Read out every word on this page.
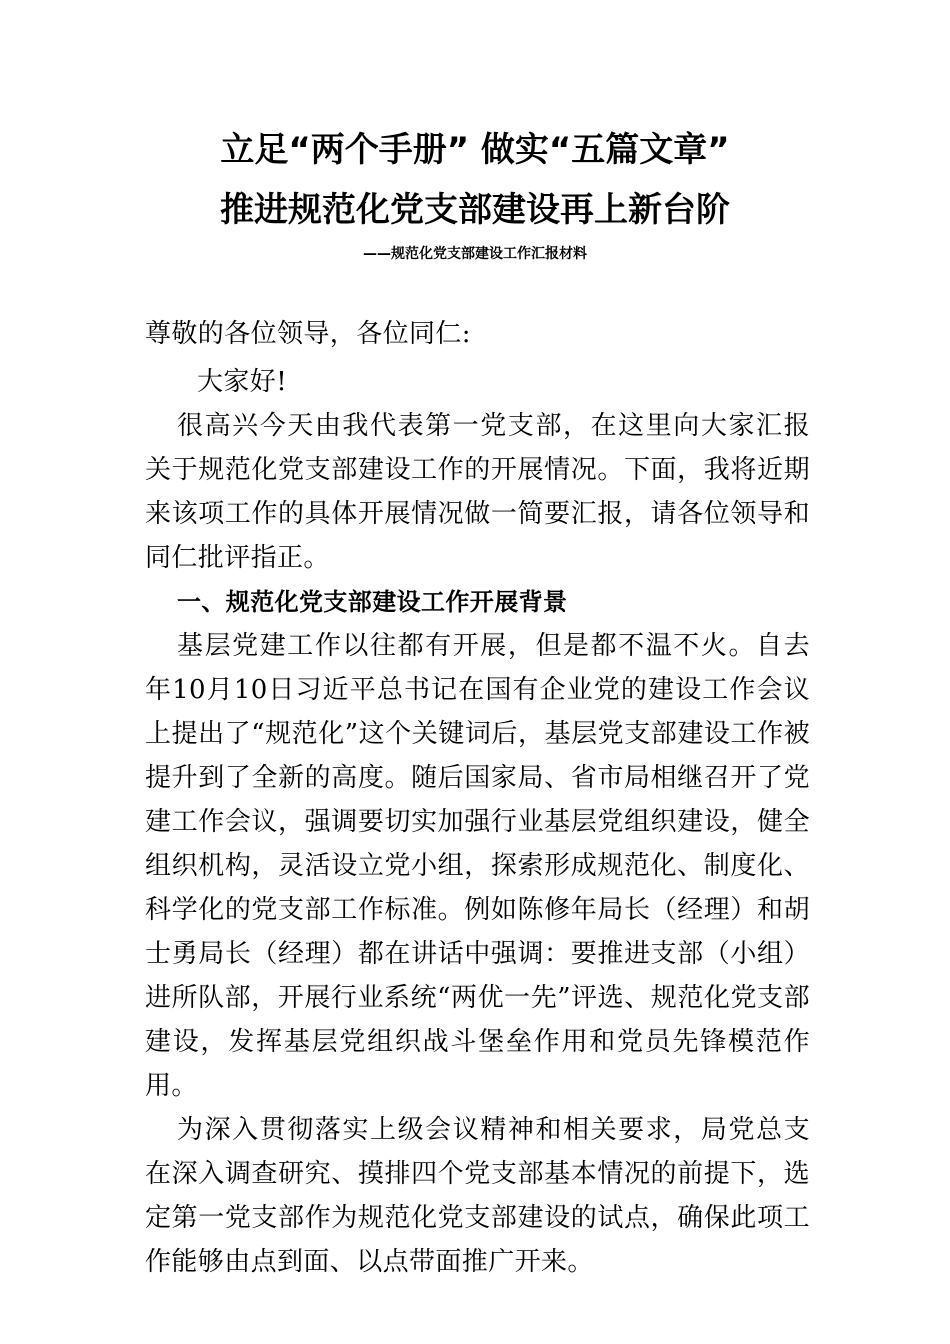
立足“两个手册” 做实“五篇文章”
推进规范化党支部建设再上新台阶
——规范化党支部建设工作汇报材料

尊敬的各位领导，各位同仁:

大家好!

很高兴今天由我代表第一党支部，在这里向大家汇报关于规范化党支部建设工作的开展情况。下面，我将近期来该项工作的具体开展情况做一简要汇报，请各位领导和同仁批评指正。

一、规范化党支部建设工作开展背景

基层党建工作以往都有开展，但是都不温不火。自去年10月10日习近平总书记在国有企业党的建设工作会议上提出了“规范化”这个关键词后，基层党支部建设工作被提升到了全新的高度。随后国家局、省市局相继召开了党建工作会议，强调要切实加强行业基层党组织建设，健全组织机构，灵活设立党小组，探索形成规范化、制度化、科学化的党支部工作标准。例如陈修年局长（经理）和胡士勇局长（经理）都在讲话中强调：要推进支部（小组）进所队部，开展行业系统“两优一先”评选、规范化党支部建设，发挥基层党组织战斗堡垒作用和党员先锋模范作用。

为深入贯彻落实上级会议精神和相关要求，局党总支在深入调查研究、摸排四个党支部基本情况的前提下，选定第一党支部作为规范化党支部建设的试点，确保此项工作能够由点到面、以点带面推广开来。
